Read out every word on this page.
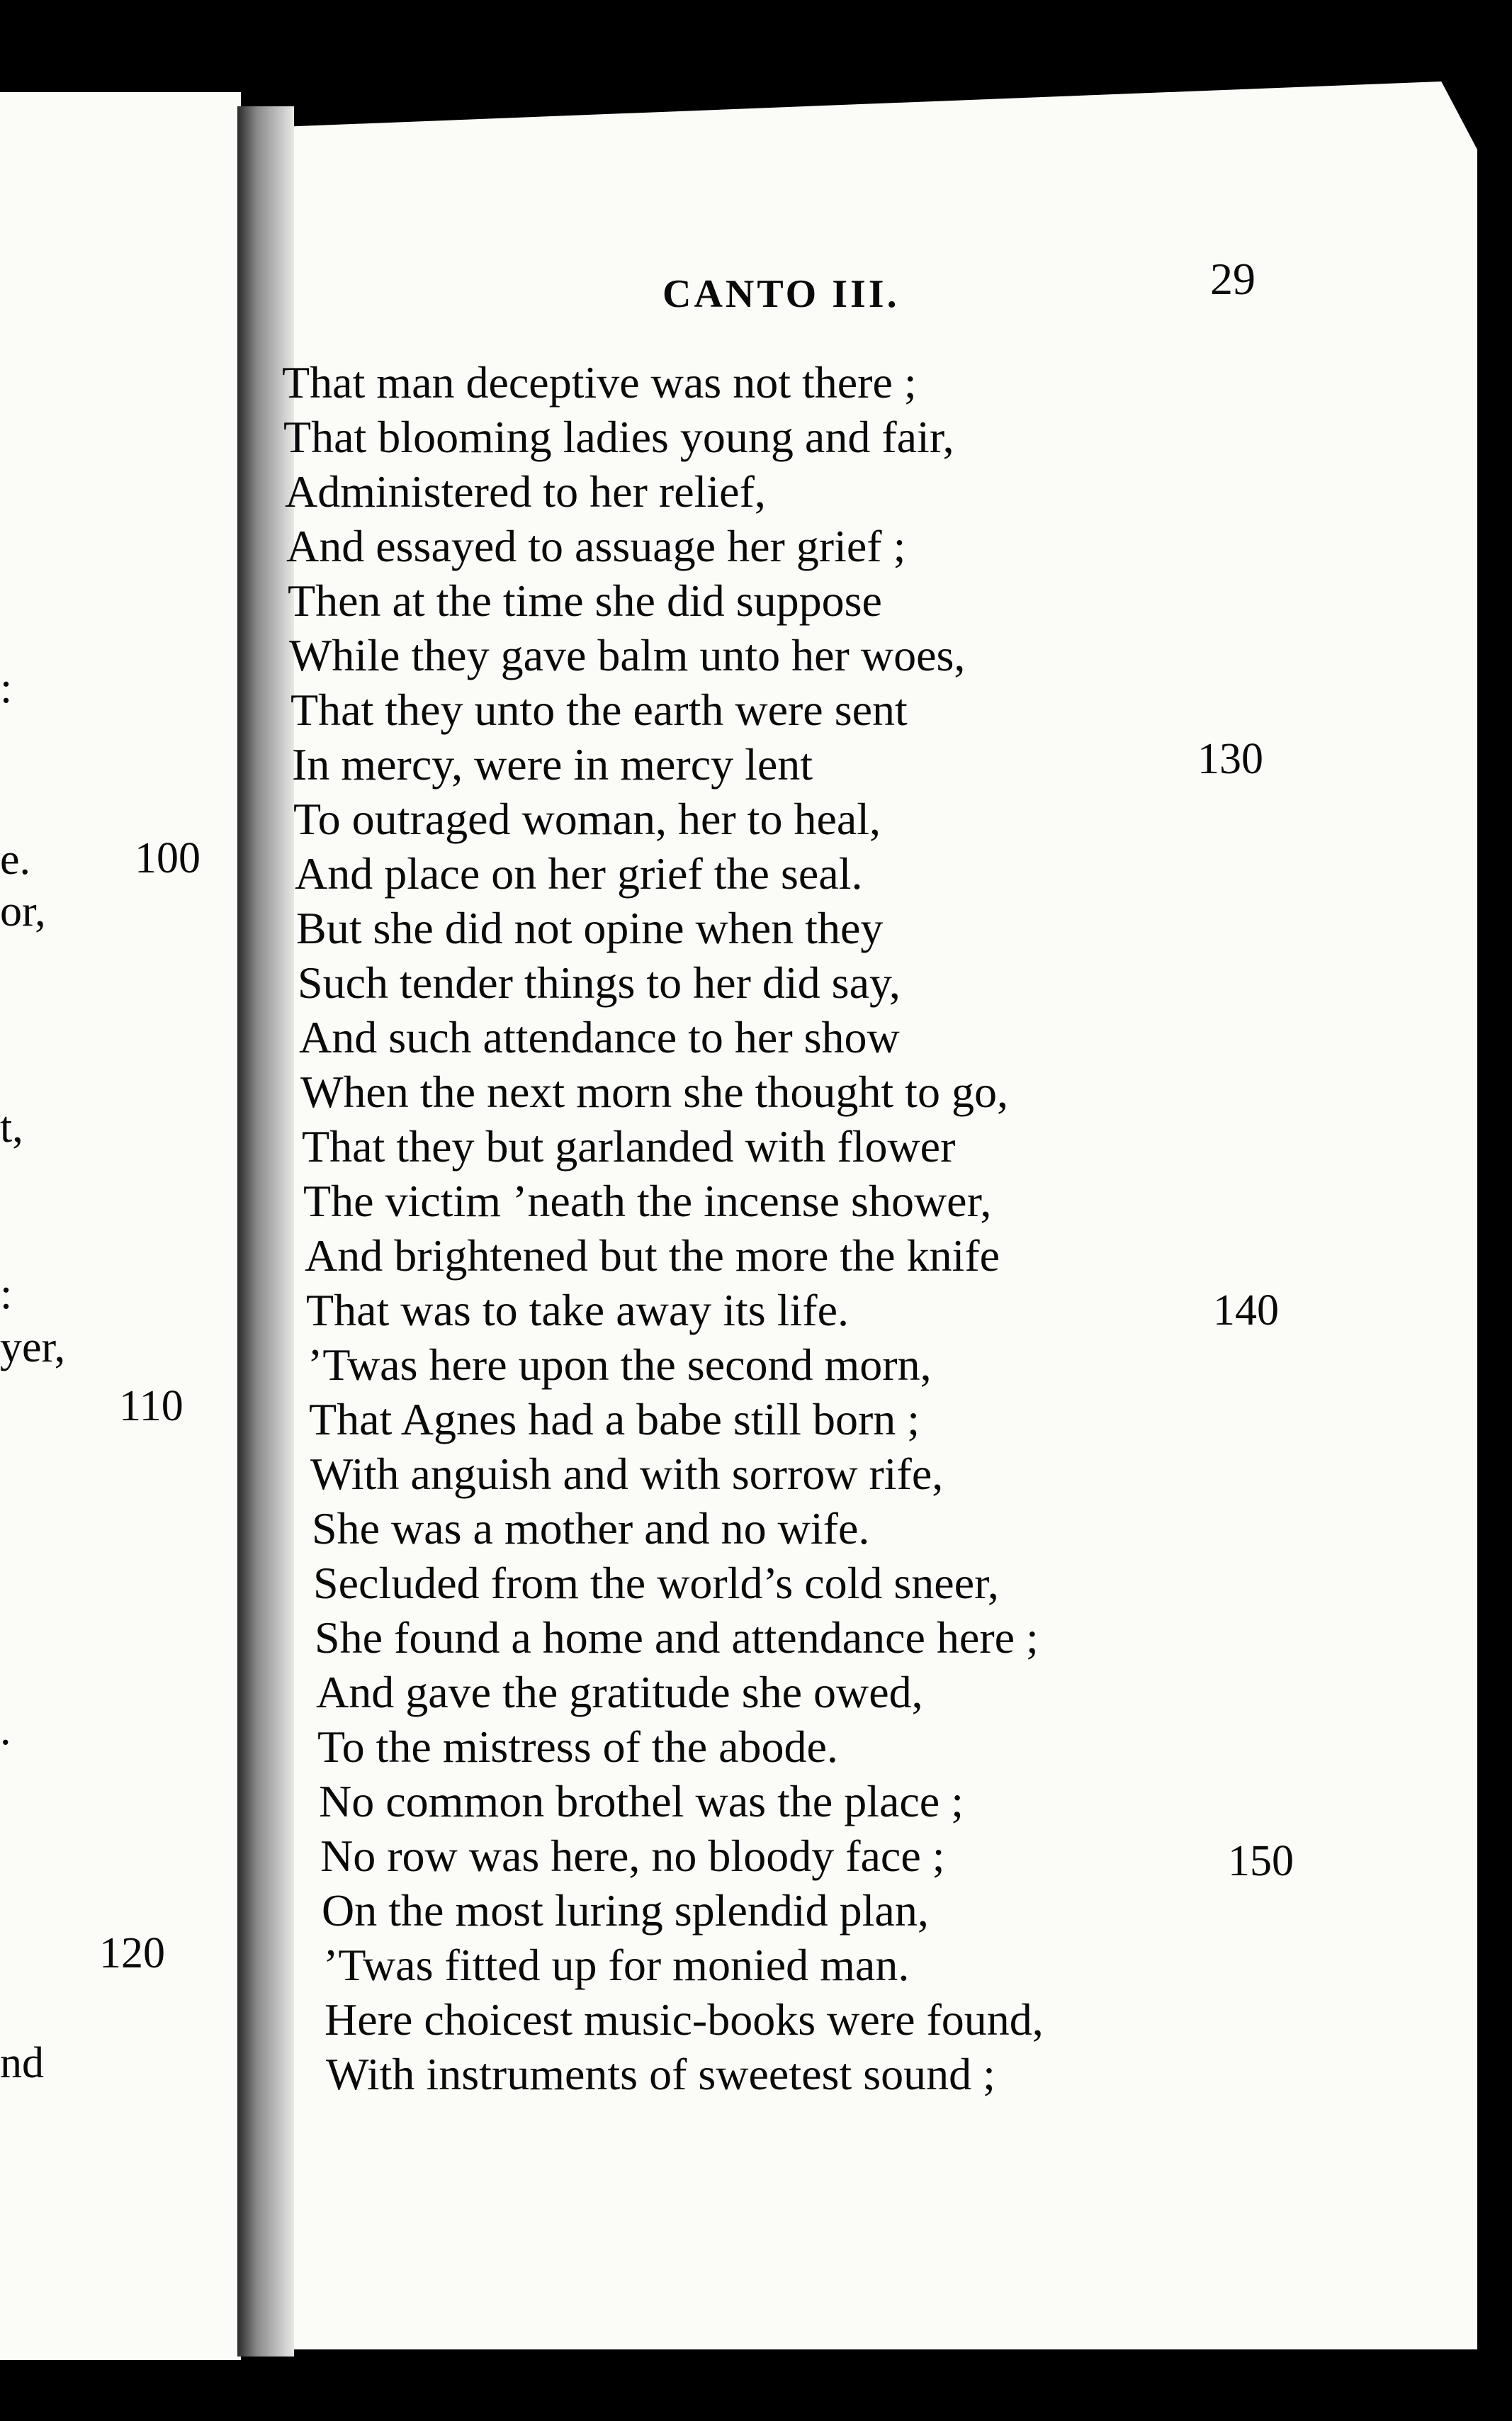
:
e.
or,
t,
:
yer,
.
nd
100
110
120
CANTO III.	29
That man deceptive was not there ;
That blooming ladies young and fair,
Administered to her relief,
And essayed to assuage her grief ;
Then at the time she did suppose
While they gave balm unto her woes,
That they unto the earth were sent
In mercy, were in mercy lent
To outraged woman, her to heal,
And place on her grief the seal.
But she did not opine when they
Such tender things to her did say,
And such attendance to her show
When the next morn she thought to go,
That they but garlanded with flower
The victim ’neath the incense shower,
And brightened but the more the knife
That was to take away its life.
’Twas here upon the second morn,
That Agnes had a babe still born ;
With anguish and with sorrow rife,
She was a mother and no wife.
Secluded from the world’s cold sneer,
She found a home and attendance here ;
And gave the gratitude she owed,
To the mistress of the abode.
No common brothel was the place ;
No row was here, no bloody face ;
On the most luring splendid plan,
’Twas fitted up for monied man.
Here choicest music-books were found,
With instruments of sweetest sound ;
130
140
150
